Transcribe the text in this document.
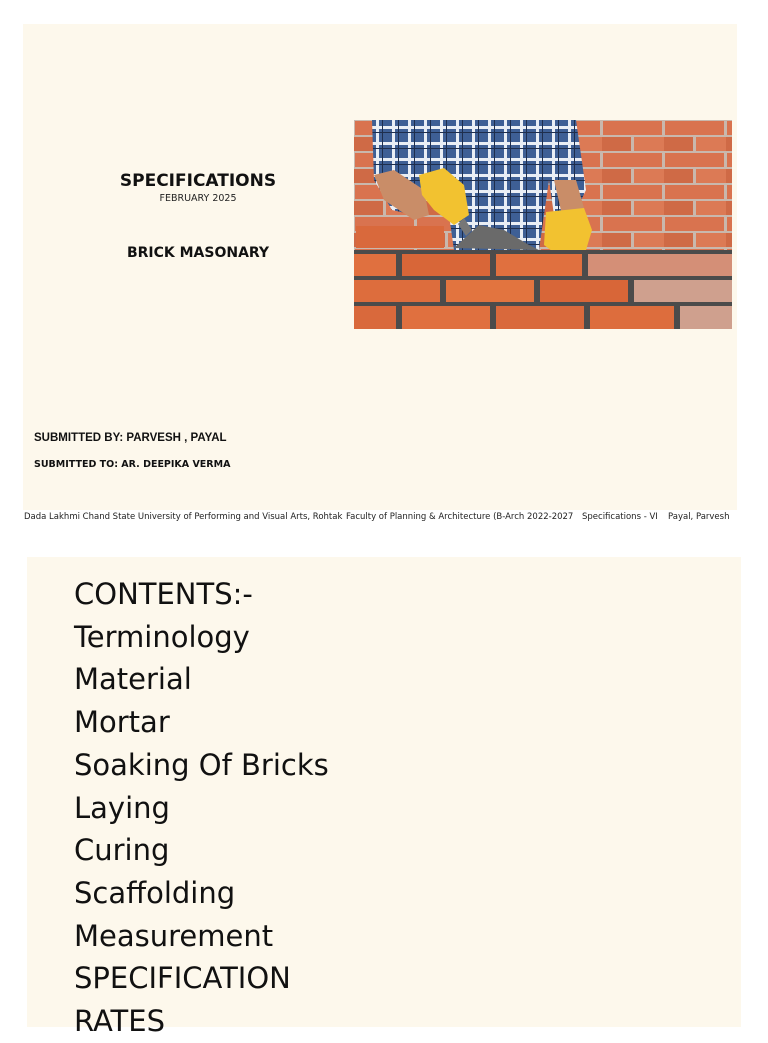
SPECIFICATIONS
FEBRUARY 2025
BRICK MASONARY
SUBMITTED BY: PARVESH , PAYAL
SUBMITTED TO: AR. DEEPIKA VERMA
Dada Lakhmi Chand State University of Performing and Visual Arts, Rohtak Faculty of Planning & Architecture (B-Arch 2022-2027 Specifications - VI Payal, Parvesh
CONTENTS:-
Terminology
Material
Mortar
Soaking Of Bricks
Laying
Curing
Scaffolding
Measurement
SPECIFICATION
RATES
